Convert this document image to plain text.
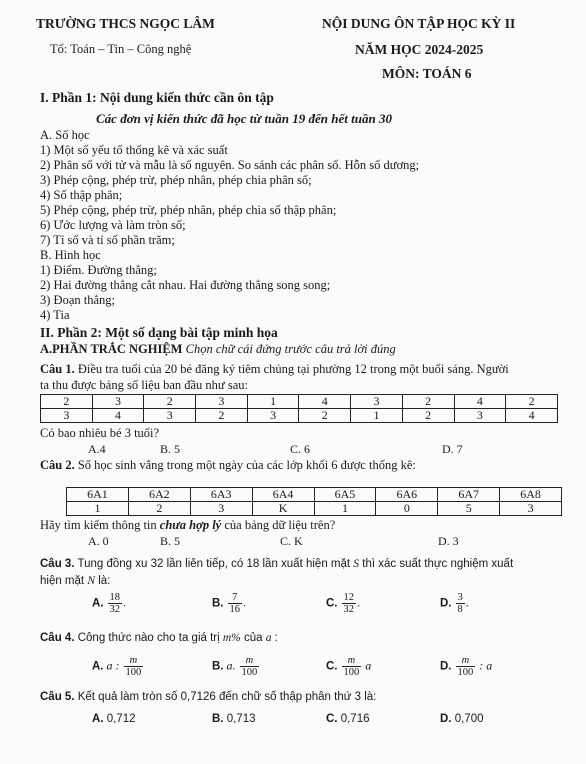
TRƯỜNG THCS NGỌC LÂM
Tổ: Toán – Tin – Công nghệ
NỘI DUNG ÔN TẬP HỌC KỲ II
NĂM HỌC 2024-2025
MÔN: TOÁN 6
I. Phần 1: Nội dung kiến thức cần ôn tập
Các đơn vị kiến thức đã học từ tuần 19 đến hết tuần 30
A. Số học
1) Một số yếu tố thống kê và xác suất
2) Phân số với tử và mẫu là số nguyên. So sánh các phân số. Hỗn số dương;
3) Phép cộng, phép trừ, phép nhân, phép chia phân số;
4) Số thập phân;
5) Phép cộng, phép trừ, phép nhân, phép chia số thập phân;
6) Ước lượng và làm tròn số;
7) Tỉ số và tỉ số phần trăm;
B. Hình học
1) Điểm. Đường thẳng;
2) Hai đường thẳng cắt nhau. Hai đường thẳng song song;
3) Đoạn thẳng;
4) Tia
II. Phần 2: Một số dạng bài tập minh họa
A.PHẦN TRẮC NGHIỆM Chọn chữ cái đứng trước câu trả lời đúng
Câu 1. Điều tra tuổi của 20 bé đăng ký tiêm chủng tại phường 12 trong một buổi sáng. Người
ta thu được bảng số liệu ban đầu như sau:
2	3	2	3	1	4	3	2	4	2
3	4	3	2	3	2	1	2	3	4
Có bao nhiêu bé 3 tuổi?
A.4	B. 5	C. 6	D. 7
Câu 2. Số học sinh vắng trong một ngày của các lớp khối 6 được thống kê:
6A1	6A2	6A3	6A4	6A5	6A6	6A7	6A8
1	2	3	K	1	0	5	3
Hãy tìm kiếm thông tin chưa hợp lý của bảng dữ liệu trên?
A. 0	B. 5	C. K	D. 3
Câu 3. Tung đồng xu 32 lần liên tiếp, có 18 lần xuất hiện mặt S thì xác suất thực nghiệm xuất
hiện mặt N là:
A. $\frac{18}{32}$ .	B. $\frac{7}{16}$ .	C. $\frac{12}{32}$ .	D. $\frac{3}{8}$ .
Câu 4. Công thức nào cho ta giá trị m% của a :
A. a : $\frac{m}{100}$	B. a. $\frac{m}{100}$	C. $\frac{m}{100}$ a	D. $\frac{m}{100}$ : a
Câu 5. Kết quả làm tròn số 0,7126 đến chữ số thập phân thứ 3 là:
A. 0,712	B. 0,713	C. 0,716	D. 0,700
